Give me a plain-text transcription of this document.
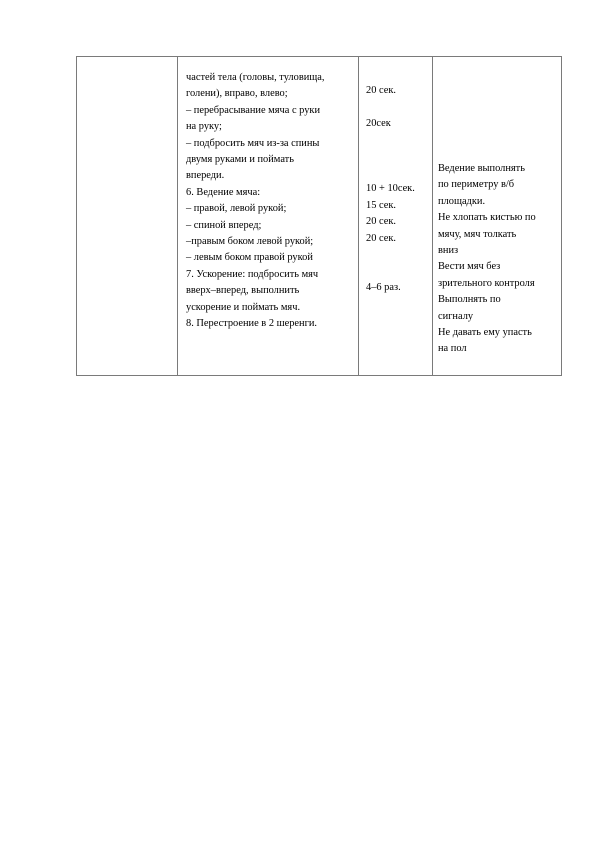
частей тела (головы, туловища,
голени), вправо, влево;
– перебрасывание мяча с руки
на руку;
– подбросить мяч из-за спины
двумя руками и поймать
впереди.
6. Ведение мяча:
– правой, левой рукой;
– спиной вперед;
–правым боком левой рукой;
– левым боком правой рукой
7. Ускорение: подбросить мяч
вверх–вперед, выполнить
ускорение и поймать мяч.
8. Перестроение в 2 шеренги.
20 сек.
20сек
10 + 10сек.
15 сек.
20 сек.
20 сек.
4–6 раз.
Ведение выполнять
по периметру в/б
площадки.
Не хлопать кистью по
мячу, мяч толкать
вниз
Вести мяч без
зрительного контроля
Выполнять по
сигналу
Не давать ему упасть
на пол
